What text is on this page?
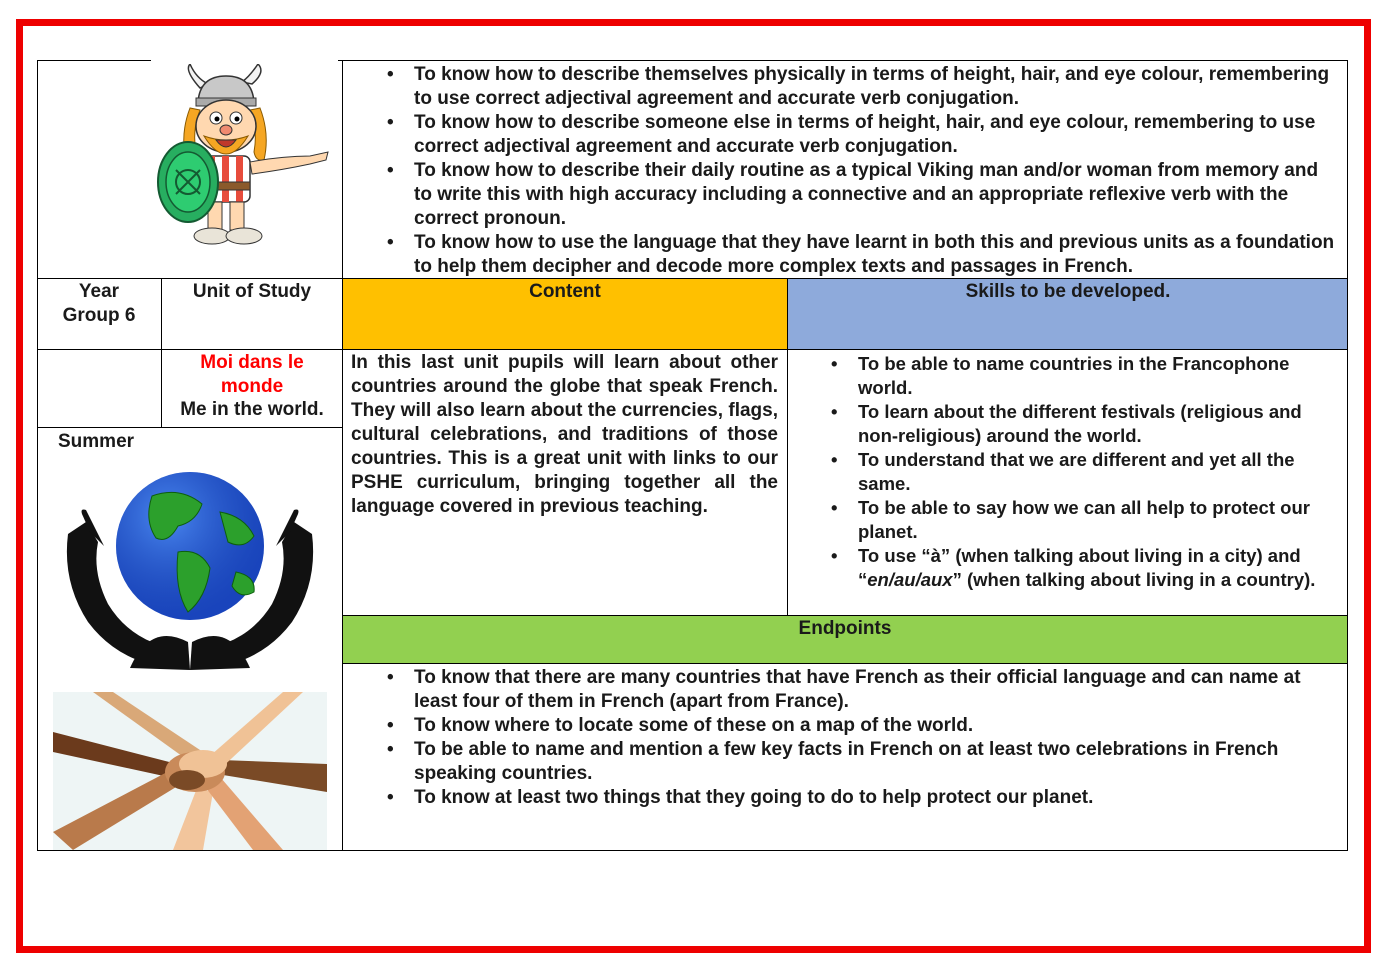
• To know how to describe themselves physically in terms of height, hair, and eye colour, remembering to use correct adjectival agreement and accurate verb conjugation.
• To know how to describe someone else in terms of height, hair, and eye colour, remembering to use correct adjectival agreement and accurate verb conjugation.
• To know how to describe their daily routine as a typical Viking man and/or woman from memory and to write this with high accuracy including a connective and an appropriate reflexive verb with the correct pronoun.
• To know how to use the language that they have learnt in both this and previous units as a foundation to help them decipher and decode more complex texts and passages in French.
Year Group 6
Unit of Study	Content	Skills to be developed.
Moi dans le monde
Me in the world.
Summer
In this last unit pupils will learn about other countries around the globe that speak French. They will also learn about the currencies, flags, cultural celebrations, and traditions of those countries. This is a great unit with links to our PSHE curriculum, bringing together all the language covered in previous teaching.
• To be able to name countries in the Francophone world.
• To learn about the different festivals (religious and non-religious) around the world.
• To understand that we are different and yet all the same.
• To be able to say how we can all help to protect our planet.
• To use “à” (when talking about living in a city) and “en/au/aux” (when talking about living in a country).
Endpoints
• To know that there are many countries that have French as their official language and can name at least four of them in French (apart from France).
• To know where to locate some of these on a map of the world.
• To be able to name and mention a few key facts in French on at least two celebrations in French speaking countries.
• To know at least two things that they going to do to help protect our planet.
